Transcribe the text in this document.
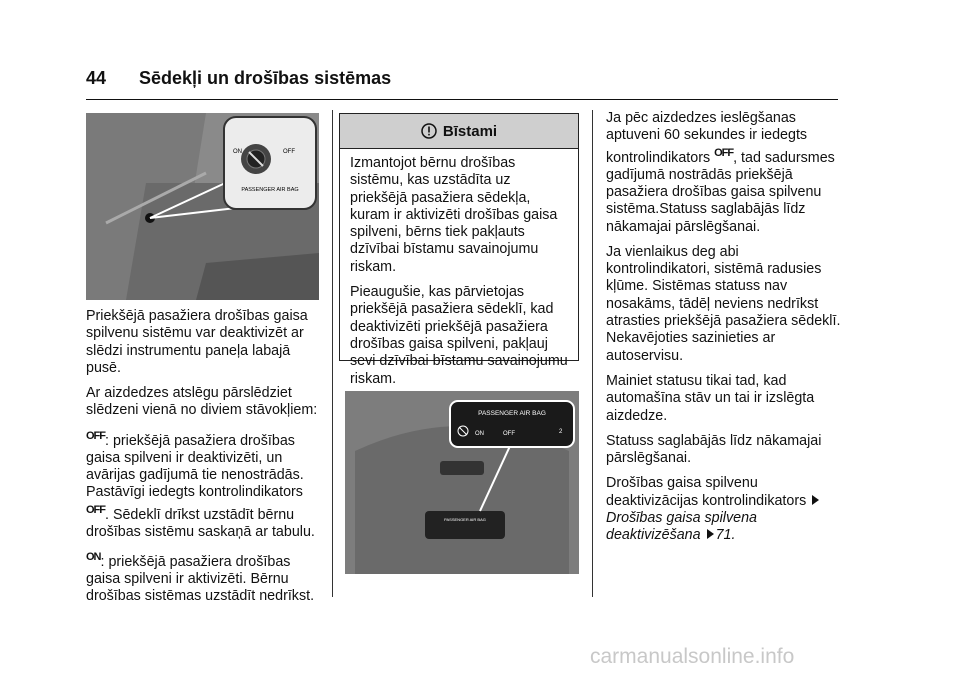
44 Sēdekļi un drošības sistēmas
ON	OFF
PASSENGER AIR BAG

Priekšējā pasažiera drošības gaisa spilvenu sistēmu var deaktivizēt ar slēdzi instrumentu paneļa labajā pusē.

Ar aizdedzes atslēgu pārslēdziet slēdzeni vienā no diviem stāvokļiem:

$^{OFF}$: priekšējā pasažiera drošības gaisa spilveni ir deaktivizēti, un avārijas gadījumā tie nenostrādās. Pastāvīgi iedegts kontrolindikators $^{OFF}$. Sēdeklī drīkst uzstādīt bērnu drošības sistēmu saskaņā ar tabulu.

$^{ON}$: priekšējā pasažiera drošības gaisa spilveni ir aktivizēti. Bērnu drošības sistēmas uzstādīt nedrīkst.

Bīstami

Izmantojot bērnu drošības sistēmu, kas uzstādīta uz priekšējā pasažiera sēdekļa, kuram ir aktivizēti drošības gaisa spilveni, bērns tiek pakļauts dzīvībai bīstamu savainojumu riskam.

Pieaugušie, kas pārvietojas priekšējā pasažiera sēdeklī, kad deaktivizēti priekšējā pasažiera drošības gaisa spilveni, pakļauj sevi dzīvībai bīstamu savainojumu riskam.

PASSENGER AIR BAG
PASSENGER AIR BAG
ON	OFF	2

Ja pēc aizdedzes ieslēgšanas aptuveni 60 sekundes ir iedegts kontrolindikators $^{OFF}$, tad sadursmes gadījumā nostrādās priekšējā pasažiera drošības gaisa spilvenu sistēma.Statuss saglabājās līdz nākamajai pārslēgšanai.

Ja vienlaikus deg abi kontrolindikatori, sistēmā radusies kļūme. Sistēmas statuss nav nosakāms, tādēļ neviens nedrīkst atrasties priekšējā pasažiera sēdeklī. Nekavējoties sazinieties ar autoservisu.

Mainiet statusu tikai tad, kad automašīna stāv un tai ir izslēgta aizdedze.

Statuss saglabājās līdz nākamajai pārslēgšanai.

Drošības gaisa spilvenu deaktivizācijas kontrolindikators  Drošības gaisa spilvena deaktivizēšana 71.

carmanualsonline.info
